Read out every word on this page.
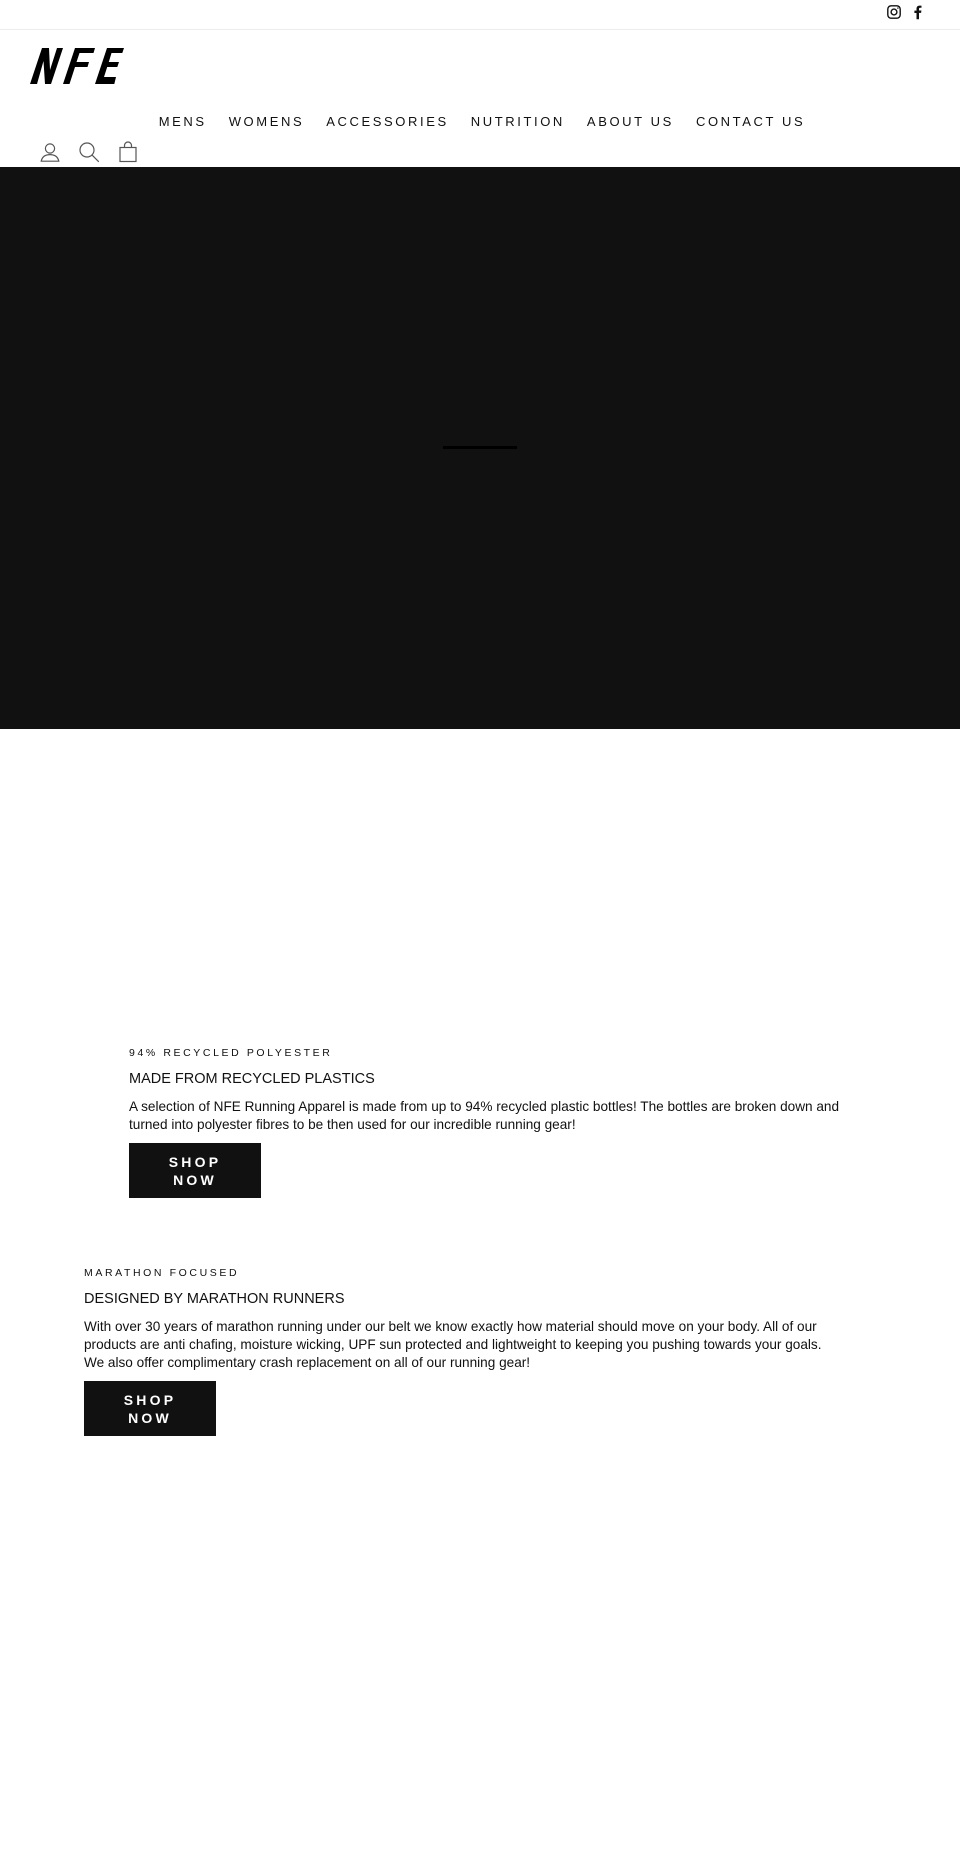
MENS WOMENS ACCESSORIES NUTRITION ABOUT US CONTACT US

94% RECYCLED POLYESTER

MADE FROM RECYCLED PLASTICS

A selection of NFE Running Apparel is made from up to 94% recycled plastic bottles! The bottles are broken down and turned into polyester fibres to be then used for our incredible running gear!

SHOP NOW

MARATHON FOCUSED

DESIGNED BY MARATHON RUNNERS

With over 30 years of marathon running under our belt we know exactly how material should move on your body. All of our products are anti chafing, moisture wicking, UPF sun protected and lightweight to keeping you pushing towards your goals. We also offer complimentary crash replacement on all of our running gear!

SHOP NOW
